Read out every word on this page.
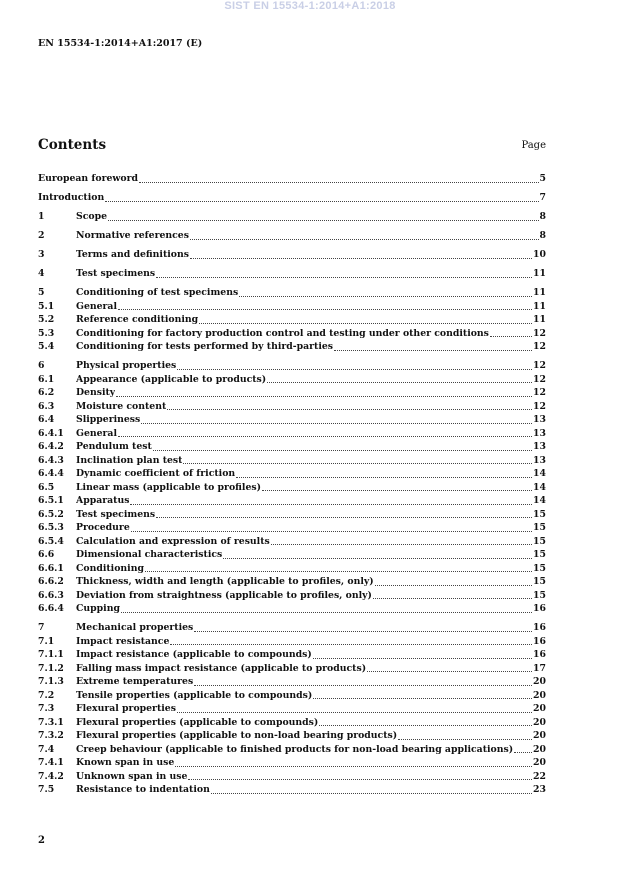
SIST EN 15534-1:2014+A1:2018
EN 15534-1:2014+A1:2017 (E)
Contents	Page
European foreword	5
Introduction	7
1	Scope	8
2	Normative references	8
3	Terms and definitions	10
4	Test specimens	11
5	Conditioning of test specimens	11
5.1	General	11
5.2	Reference conditioning	11
5.3	Conditioning for factory production control and testing under other conditions	12
5.4	Conditioning for tests performed by third-parties	12
6	Physical properties	12
6.1	Appearance (applicable to products)	12
6.2	Density	12
6.3	Moisture content	12
6.4	Slipperiness	13
6.4.1	General	13
6.4.2	Pendulum test	13
6.4.3	Inclination plan test	13
6.4.4	Dynamic coefficient of friction	14
6.5	Linear mass (applicable to profiles)	14
6.5.1	Apparatus	14
6.5.2	Test specimens	15
6.5.3	Procedure	15
6.5.4	Calculation and expression of results	15
6.6	Dimensional characteristics	15
6.6.1	Conditioning	15
6.6.2	Thickness, width and length (applicable to profiles, only)	15
6.6.3	Deviation from straightness (applicable to profiles, only)	15
6.6.4	Cupping	16
7	Mechanical properties	16
7.1	Impact resistance	16
7.1.1	Impact resistance (applicable to compounds)	16
7.1.2	Falling mass impact resistance (applicable to products)	17
7.1.3	Extreme temperatures	20
7.2	Tensile properties (applicable to compounds)	20
7.3	Flexural properties	20
7.3.1	Flexural properties (applicable to compounds)	20
7.3.2	Flexural properties (applicable to non-load bearing products)	20
7.4	Creep behaviour (applicable to finished products for non-load bearing applications) 20
7.4.1	Known span in use	20
7.4.2	Unknown span in use	22
7.5	Resistance to indentation	23
2
